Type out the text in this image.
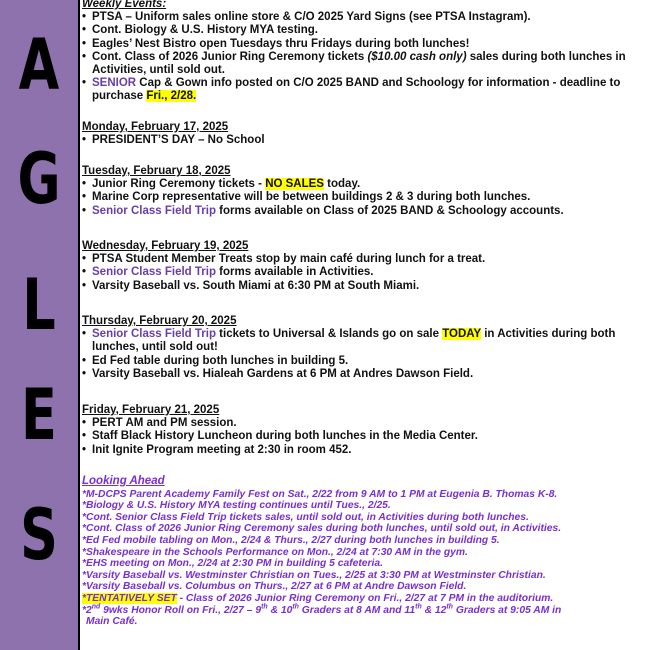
A
G
L
E
S
Weekly Events:
• PTSA – Uniform sales online store & C/O 2025 Yard Signs (see PTSA Instagram).
• Cont. Biology & U.S. History MYA testing.
• Eagles’ Nest Bistro open Tuesdays thru Fridays during both lunches!
• Cont. Class of 2026 Junior Ring Ceremony tickets ($10.00 cash only) sales during both lunches in Activities, until sold out.
• SENIOR Cap & Gown info posted on C/O 2025 BAND and Schoology for information - deadline to purchase Fri., 2/28.
Monday, February 17, 2025
• PRESIDENT’S DAY – No School
Tuesday, February 18, 2025
• Junior Ring Ceremony tickets - NO SALES today.
• Marine Corp representative will be between buildings 2 & 3 during both lunches.
• Senior Class Field Trip forms available on Class of 2025 BAND & Schoology accounts.
Wednesday, February 19, 2025
• PTSA Student Member Treats stop by main café during lunch for a treat.
• Senior Class Field Trip forms available in Activities.
• Varsity Baseball vs. South Miami at 6:30 PM at South Miami.
Thursday, February 20, 2025
• Senior Class Field Trip tickets to Universal & Islands go on sale TODAY in Activities during both lunches, until sold out!
• Ed Fed table during both lunches in building 5.
• Varsity Baseball vs. Hialeah Gardens at 6 PM at Andres Dawson Field.
Friday, February 21, 2025
• PERT AM and PM session.
• Staff Black History Luncheon during both lunches in the Media Center.
• Init Ignite Program meeting at 2:30 in room 452.
Looking Ahead
*M-DCPS Parent Academy Family Fest on Sat., 2/22 from 9 AM to 1 PM at Eugenia B. Thomas K-8.
*Biology & U.S. History MYA testing continues until Tues., 2/25.
*Cont. Senior Class Field Trip tickets sales, until sold out, in Activities during both lunches.
*Cont. Class of 2026 Junior Ring Ceremony sales during both lunches, until sold out, in Activities.
*Ed Fed mobile tabling on Mon., 2/24 & Thurs., 2/27 during both lunches in building 5.
*Shakespeare in the Schools Performance on Mon., 2/24 at 7:30 AM in the gym.
*EHS meeting on Mon., 2/24 at 2:30 PM in building 5 cafeteria.
*Varsity Baseball vs. Westminster Christian on Tues., 2/25 at 3:30 PM at Westminster Christian.
*Varsity Baseball vs. Columbus on Thurs., 2/27 at 6 PM at Andre Dawson Field.
*TENTATIVELY SET - Class of 2026 Junior Ring Ceremony on Fri., 2/27 at 7 PM in the auditorium.
*2nd 9wks Honor Roll on Fri., 2/27 – 9th & 10th Graders at 8 AM and 11th & 12th Graders at 9:05 AM in
Main Café.
